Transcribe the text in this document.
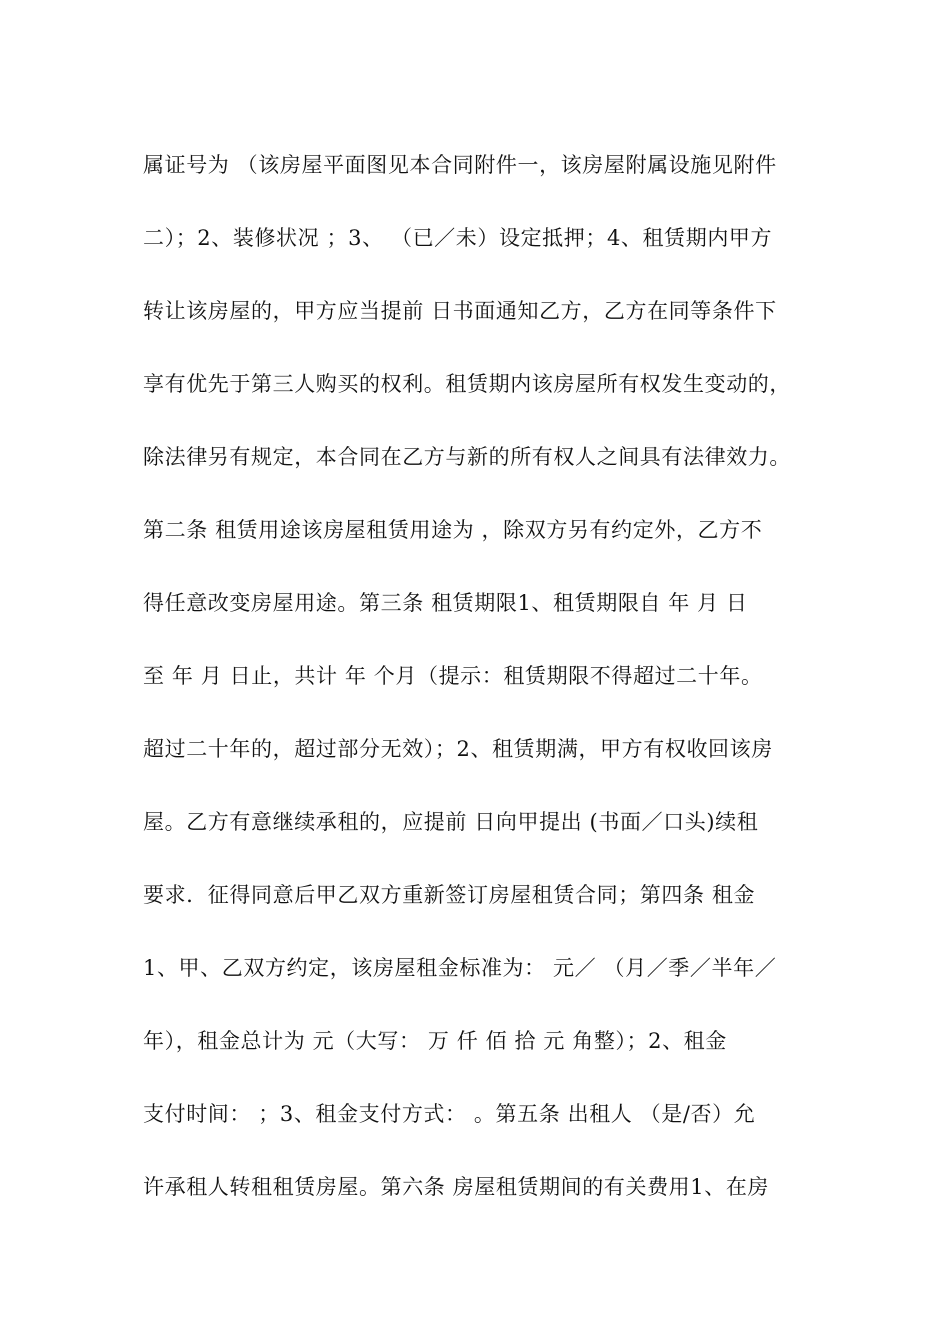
属证号为 （该房屋平面图见本合同附件一，该房屋附属设施见附件
二）；2、装修状况 ；3、 （已／未）设定抵押；4、租赁期内甲方
转让该房屋的，甲方应当提前 日书面通知乙方，乙方在同等条件下
享有优先于第三人购买的权利。租赁期内该房屋所有权发生变动的，
除法律另有规定，本合同在乙方与新的所有权人之间具有法律效力。
第二条 租赁用途该房屋租赁用途为 ，除双方另有约定外，乙方不
得任意改变房屋用途。第三条 租赁期限1、租赁期限自 年 月 日
至 年 月 日止，共计 年 个月（提示：租赁期限不得超过二十年。
超过二十年的，超过部分无效）；2、租赁期满，甲方有权收回该房
屋。乙方有意继续承租的，应提前 日向甲提出 (书面／口头)续租
要求．征得同意后甲乙双方重新签订房屋租赁合同；第四条 租金
1、甲、乙双方约定，该房屋租金标准为： 元／ （月／季／半年／
年），租金总计为 元（大写： 万 仟 佰 拾 元 角整）；2、租金
支付时间： ；3、租金支付方式： 。第五条 出租人 （是/否）允
许承租人转租租赁房屋。第六条 房屋租赁期间的有关费用1、在房
